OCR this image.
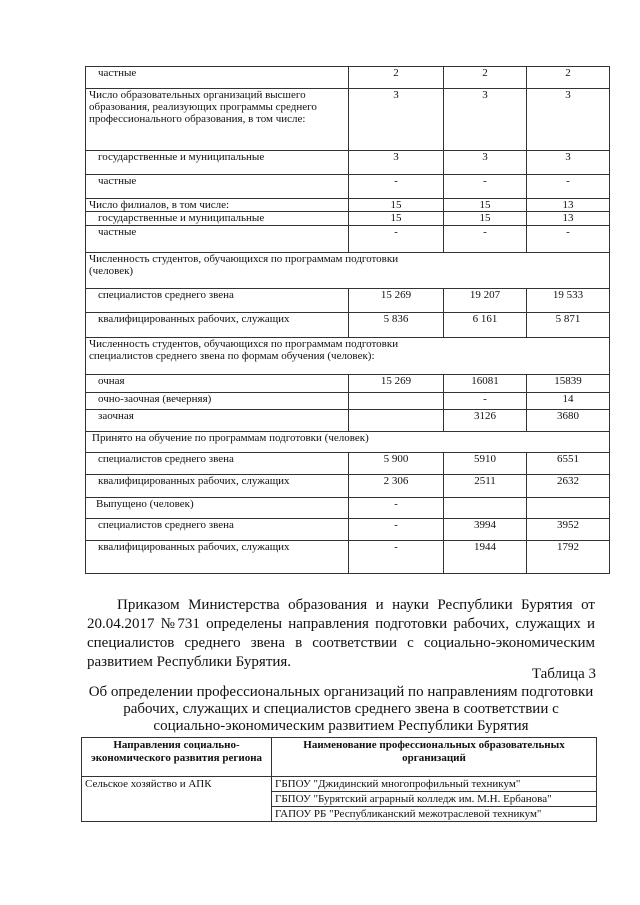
частные	2	2	2
Число образовательных организаций высшего образования, реализующих программы среднего профессионального образования, в том числе:	3	3	3
государственные и муниципальные	3	3	3
частные	-	-	-
Число филиалов, в том числе:	15	15	13
государственные и муниципальные	15	15	13
частные	-	-	-
Численность студентов, обучающихся по программам подготовки (человек)			
специалистов среднего звена	15 269	19 207	19 533
квалифицированных рабочих, служащих	5 836	6 161	5 871
Численность студентов, обучающихся по программам подготовки специалистов среднего звена по формам обучения (человек):			
очная	15 269	16081	15839
очно-заочная (вечерняя)		-	14
заочная		3126	3680
Принято на обучение по программам подготовки (человек)			
специалистов среднего звена	5 900	5910	6551
квалифицированных рабочих, служащих	2 306	2511	2632
Выпущено (человек)	-		
специалистов среднего звена	-	3994	3952
квалифицированных рабочих, служащих	-	1944	1792

Приказом Министерства образования и науки Республики Бурятия от 20.04.2017 №731 определены направления подготовки рабочих, служащих и специалистов среднего звена в соответствии с социально-экономическим развитием Республики Бурятия.

Таблица 3

Об определении профессиональных организаций по направлениям подготовки рабочих, служащих и специалистов среднего звена в соответствии с социально-экономическим развитием Республики Бурятия

Направления социально-экономического развития региона	Наименование профессиональных образовательных организаций
Сельское хозяйство и АПК	ГБПОУ "Джидинский многопрофильный техникум"
	ГБПОУ "Бурятский аграрный колледж им. М.Н. Ербанова"
	ГАПОУ РБ "Республиканский межотраслевой техникум"
